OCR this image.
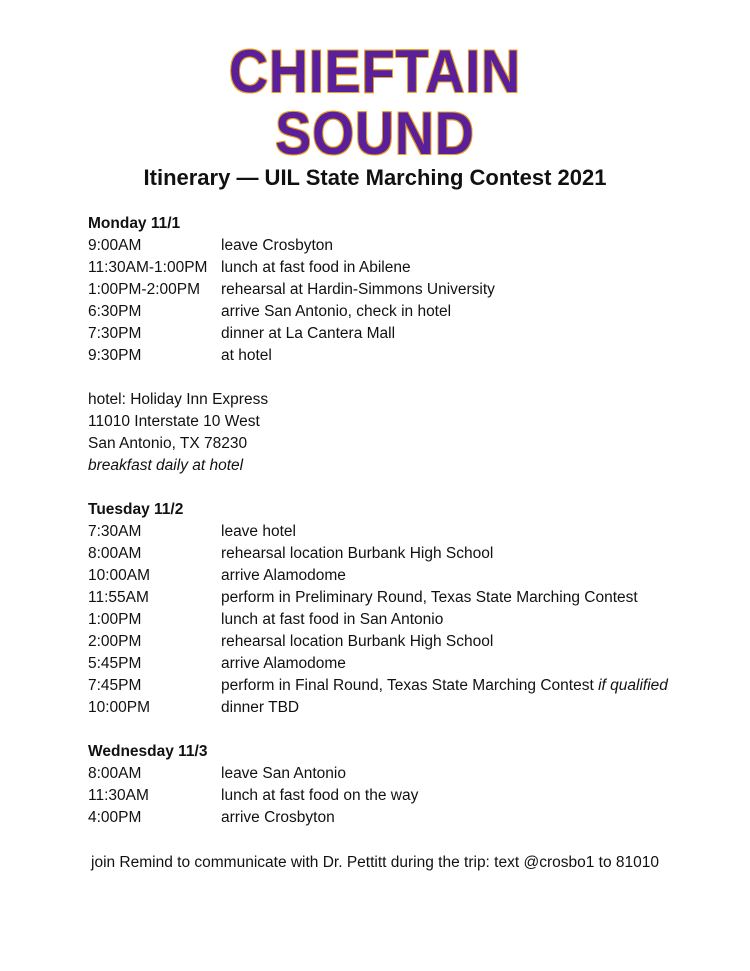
CHIEFTAIN
SOUND
Itinerary — UIL State Marching Contest 2021
Monday 11/1
9:00AM	leave Crosbyton
11:30AM-1:00PM lunch at fast food in Abilene
1:00PM-2:00PM	rehearsal at Hardin-Simmons University
6:30PM	arrive San Antonio, check in hotel
7:30PM	dinner at La Cantera Mall
9:30PM	at hotel
hotel: Holiday Inn Express
11010 Interstate 10 West
San Antonio, TX 78230
breakfast daily at hotel
Tuesday 11/2
7:30AM	leave hotel
8:00AM	rehearsal location Burbank High School
10:00AM	arrive Alamodome
11:55AM	perform in Preliminary Round, Texas State Marching Contest
1:00PM	lunch at fast food in San Antonio
2:00PM	rehearsal location Burbank High School
5:45PM	arrive Alamodome
7:45PM	perform in Final Round, Texas State Marching Contest if qualified
10:00PM	dinner TBD
Wednesday 11/3
8:00AM	leave San Antonio
11:30AM	lunch at fast food on the way
4:00PM	arrive Crosbyton
join Remind to communicate with Dr. Pettitt during the trip: text @crosbo1 to 81010
